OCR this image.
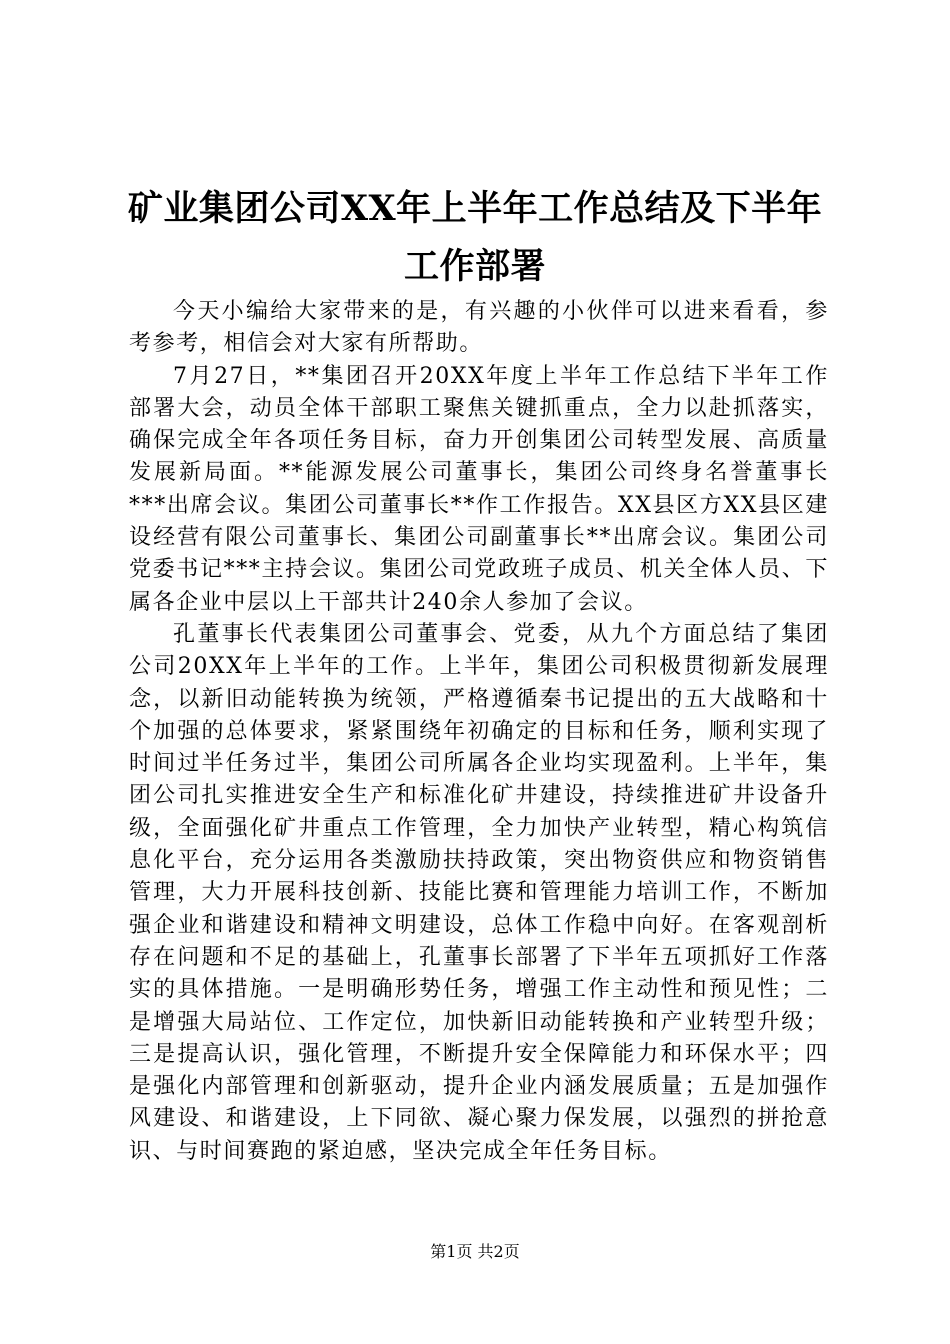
矿业集团公司XX年上半年工作总结及下半年
工作部署

今天小编给大家带来的是，有兴趣的小伙伴可以进来看看，参考参考，相信会对大家有所帮助。

7月27日，**集团召开20XX年度上半年工作总结下半年工作部署大会，动员全体干部职工聚焦关键抓重点，全力以赴抓落实，确保完成全年各项任务目标，奋力开创集团公司转型发展、高质量发展新局面。**能源发展公司董事长，集团公司终身名誉董事长***出席会议。集团公司董事长**作工作报告。XX县区方XX县区建设经营有限公司董事长、集团公司副董事长**出席会议。集团公司党委书记***主持会议。集团公司党政班子成员、机关全体人员、下属各企业中层以上干部共计240余人参加了会议。

孔董事长代表集团公司董事会、党委，从九个方面总结了集团公司20XX年上半年的工作。上半年，集团公司积极贯彻新发展理念，以新旧动能转换为统领，严格遵循秦书记提出的五大战略和十个加强的总体要求，紧紧围绕年初确定的目标和任务，顺利实现了时间过半任务过半，集团公司所属各企业均实现盈利。上半年，集团公司扎实推进安全生产和标准化矿井建设，持续推进矿井设备升级，全面强化矿井重点工作管理，全力加快产业转型，精心构筑信息化平台，充分运用各类激励扶持政策，突出物资供应和物资销售管理，大力开展科技创新、技能比赛和管理能力培训工作，不断加强企业和谐建设和精神文明建设，总体工作稳中向好。在客观剖析存在问题和不足的基础上，孔董事长部署了下半年五项抓好工作落实的具体措施。一是明确形势任务，增强工作主动性和预见性；二是增强大局站位、工作定位，加快新旧动能转换和产业转型升级；三是提高认识，强化管理，不断提升安全保障能力和环保水平；四是强化内部管理和创新驱动，提升企业内涵发展质量；五是加强作风建设、和谐建设，上下同欲、凝心聚力保发展，以强烈的拼抢意识、与时间赛跑的紧迫感，坚决完成全年任务目标。

第1页 共2页
